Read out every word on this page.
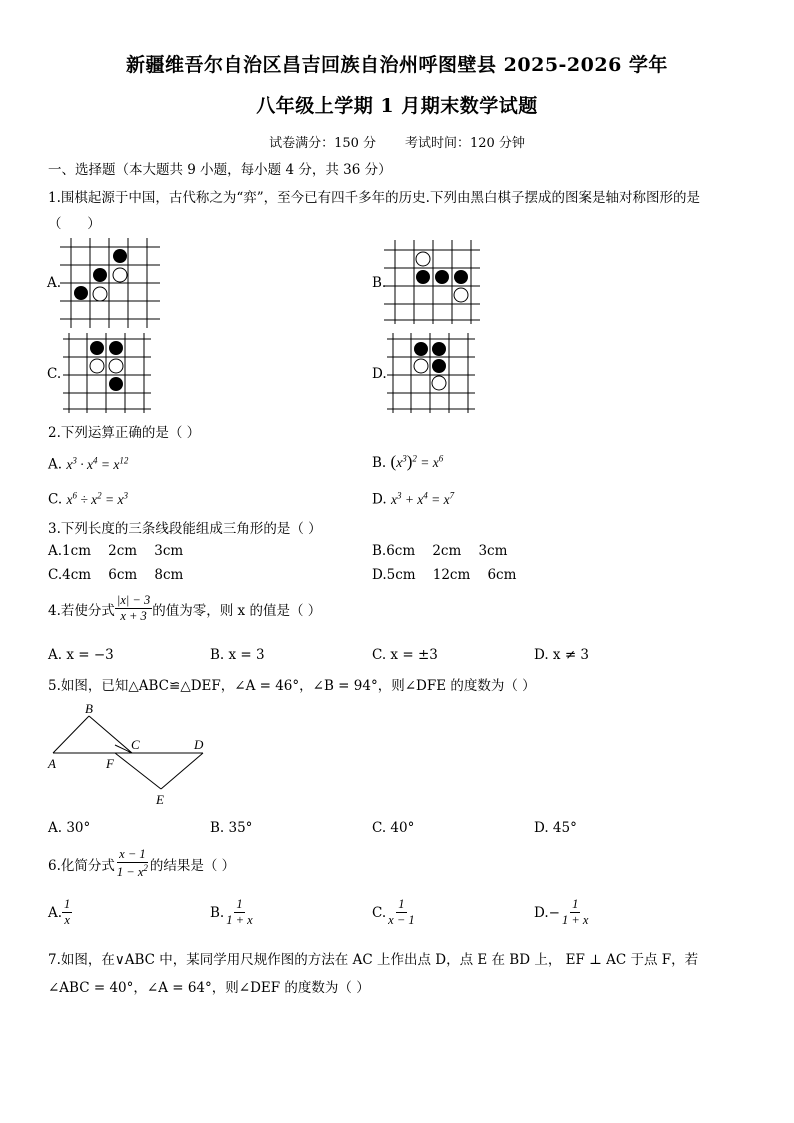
新疆维吾尔自治区昌吉回族自治州呼图壁县 2025-2026 学年
八年级上学期 1 月期末数学试题
试卷满分：150 分       考试时间：120 分钟
一、选择题（本大题共 9 小题，每小题 4 分，共 36 分）
1.围棋起源于中国，古代称之为“弈”，至今已有四千多年的历史.下列由黑白棋子摆成的图案是轴对称图形的是
（      ）
A.	B.
C.	D.
2.下列运算正确的是（ ）
A. $x^3 \cdot x^4 = x^{12}$	B. $(x^3)^2 = x^6$
C. $x^6 \div x^2 = x^3$	D. $x^3 + x^4 = x^7$
3.下列长度的三条线段能组成三角形的是（ ）
A.1cm    2cm    3cm	B.6cm    2cm    3cm
C.4cm    6cm    8cm	D.5cm    12cm    6cm
4.若使分式 $\frac{|x| - 3}{x + 3}$ 的值为零，则 x 的值是（ ）
A. x = −3	B. x = 3	C. x = ±3	D. x ≠ 3
5.如图，已知△ABC≌△DEF，∠A = 46°，∠B = 94°，则∠DFE 的度数为（ ）
B
C	D
A	F
E
A. 30°	B. 35°	C. 40°	D. 45°
6.化简分式 $\frac{x - 1}{1 - x^2}$ 的结果是（ ）
A. $\frac{1}{x}$	B. $\frac{1}{1 + x}$	C. $\frac{1}{x - 1}$	$D.- \frac{1}{1 + x}$
7.如图，在∨ABC 中，某同学用尺规作图的方法在 AC 上作出点 D，点 E 在 BD 上， EF ⊥ AC 于点 F，若
∠ABC = 40°，∠A = 64°，则∠DEF 的度数为（ ）
